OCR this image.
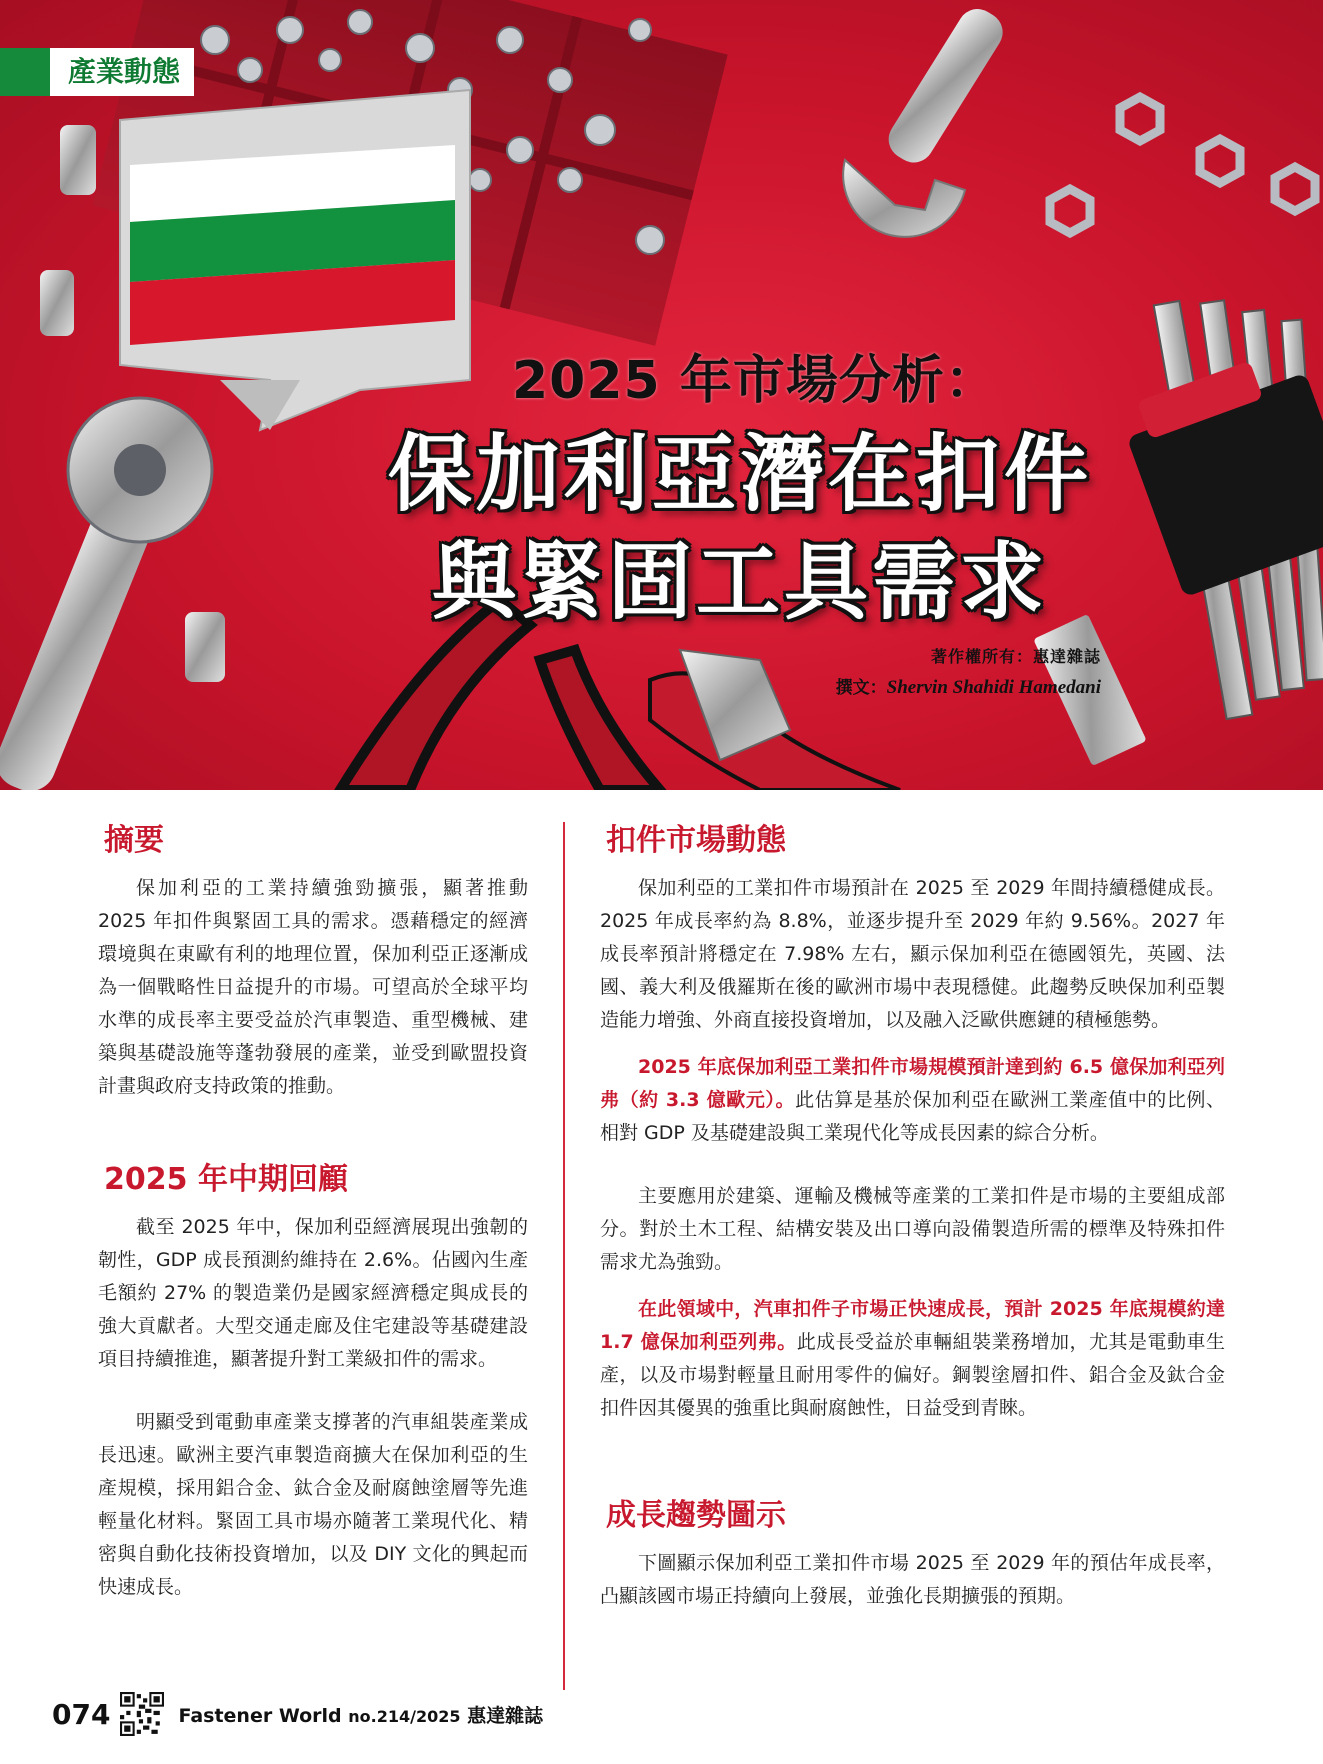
產業動態
2025 年市場分析：
保加利亞潛在扣件
與緊固工具需求
著作權所有：惠達雜誌
撰文：Shervin Shahidi Hamedani
摘要

保加利亞的工業持續強勁擴張，顯著推動 2025 年扣件與緊固工具的需求。憑藉穩定的經濟環境與在東歐有利的地理位置，保加利亞正逐漸成為一個戰略性日益提升的市場。可望高於全球平均水準的成長率主要受益於汽車製造、重型機械、建築與基礎設施等蓬勃發展的產業，並受到歐盟投資計畫與政府支持政策的推動。

2025 年中期回顧

截至 2025 年中，保加利亞經濟展現出強韌的韌性，GDP 成長預測約維持在 2.6%。佔國內生產毛額約 27% 的製造業仍是國家經濟穩定與成長的強大貢獻者。大型交通走廊及住宅建設等基礎建設項目持續推進，顯著提升對工業級扣件的需求。

明顯受到電動車產業支撐著的汽車組裝產業成長迅速。歐洲主要汽車製造商擴大在保加利亞的生產規模，採用鋁合金、鈦合金及耐腐蝕塗層等先進輕量化材料。緊固工具市場亦隨著工業現代化、精密與自動化技術投資增加，以及 DIY 文化的興起而快速成長。

扣件市場動態

保加利亞的工業扣件市場預計在 2025 至 2029 年間持續穩健成長。2025 年成長率約為 8.8%，並逐步提升至 2029 年約 9.56%。2027 年成長率預計將穩定在 7.98% 左右，顯示保加利亞在德國領先，英國、法國、義大利及俄羅斯在後的歐洲市場中表現穩健。此趨勢反映保加利亞製造能力增強、外商直接投資增加，以及融入泛歐供應鏈的積極態勢。

2025 年底保加利亞工業扣件市場規模預計達到約 6.5 億保加利亞列弗（約 3.3 億歐元）。此估算是基於保加利亞在歐洲工業產值中的比例、相對 GDP 及基礎建設與工業現代化等成長因素的綜合分析。

主要應用於建築、運輸及機械等產業的工業扣件是市場的主要組成部分。對於土木工程、結構安裝及出口導向設備製造所需的標準及特殊扣件需求尤為強勁。

在此領域中，汽車扣件子市場正快速成長，預計 2025 年底規模約達 1.7 億保加利亞列弗。此成長受益於車輛組裝業務增加，尤其是電動車生產，以及市場對輕量且耐用零件的偏好。鋼製塗層扣件、鋁合金及鈦合金扣件因其優異的強重比與耐腐蝕性，日益受到青睞。

成長趨勢圖示

下圖顯示保加利亞工業扣件市場 2025 至 2029 年的預估年成長率，凸顯該國市場正持續向上發展，並強化長期擴張的預期。

074	Fastener World no.214/2025 惠達雜誌
